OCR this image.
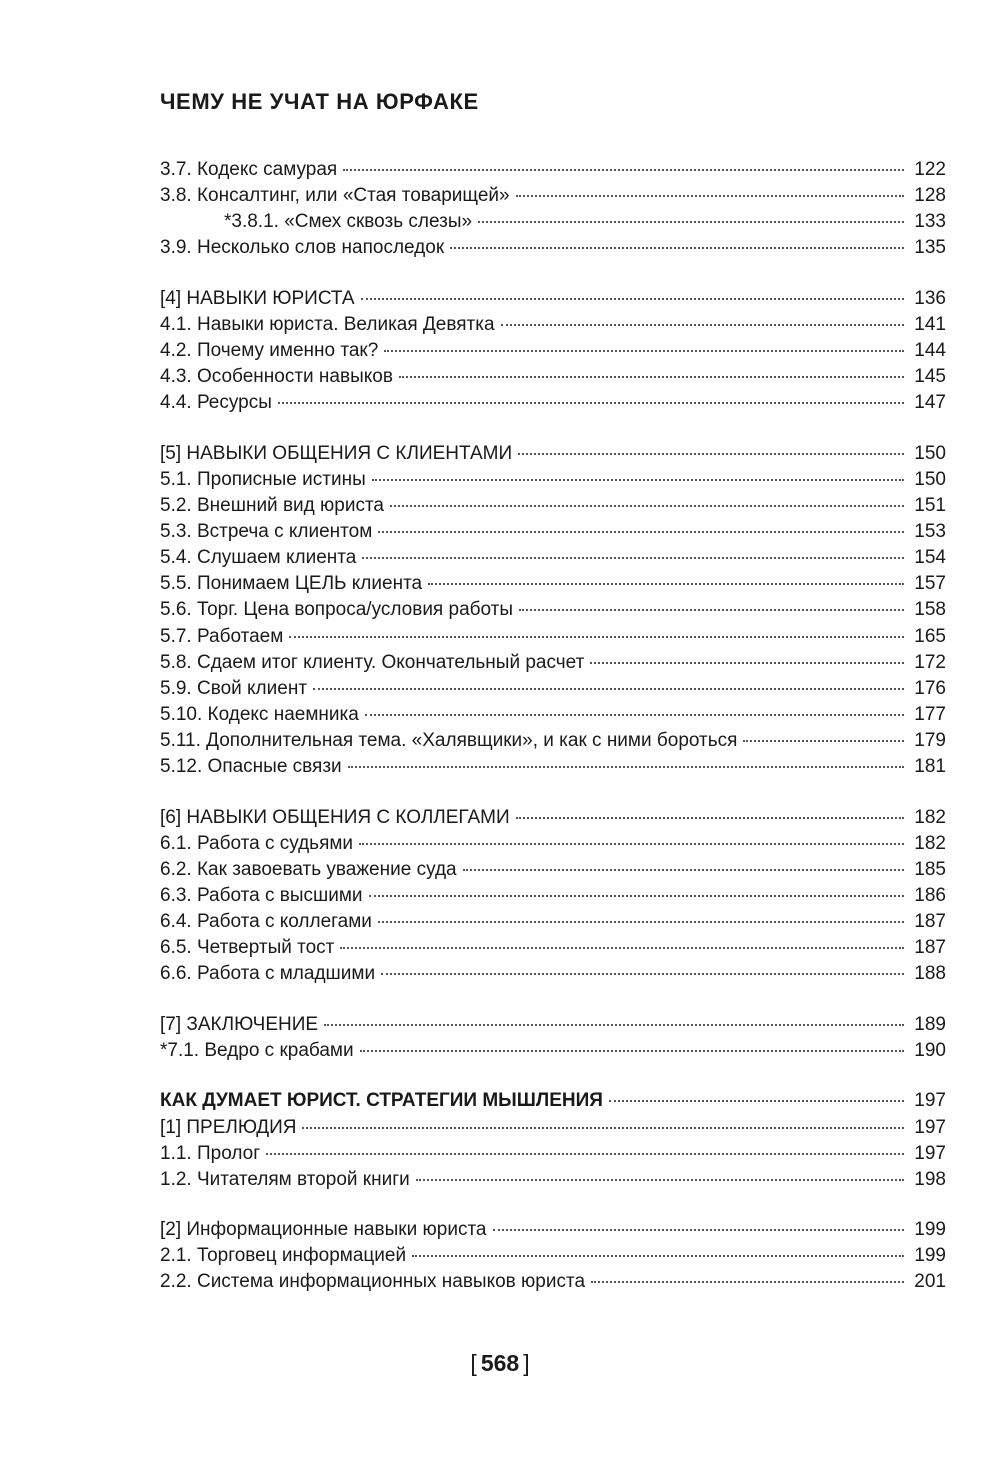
ЧЕМУ НЕ УЧАТ НА ЮРФАКЕ
3.7. Кодекс самурая	122
3.8. Консалтинг, или «Стая товарищей»	128
*3.8.1. «Смех сквозь слезы»	133
3.9. Несколько слов напоследок	135
[4] НАВЫКИ ЮРИСТА	136
4.1. Навыки юриста. Великая Девятка	141
4.2. Почему именно так?	144
4.3. Особенности навыков	145
4.4. Ресурсы	147
[5] НАВЫКИ ОБЩЕНИЯ С КЛИЕНТАМИ	150
5.1. Прописные истины	150
5.2. Внешний вид юриста	151
5.3. Встреча с клиентом	153
5.4. Слушаем клиента	154
5.5. Понимаем ЦЕЛЬ клиента	157
5.6. Торг. Цена вопроса/условия работы	158
5.7. Работаем	165
5.8. Сдаем итог клиенту. Окончательный расчет	172
5.9. Свой клиент	176
5.10. Кодекс наемника	177
5.11. Дополнительная тема. «Халявщики», и как с ними бороться	179
5.12. Опасные связи	181
[6] НАВЫКИ ОБЩЕНИЯ С КОЛЛЕГАМИ	182
6.1. Работа с судьями	182
6.2. Как завоевать уважение суда	185
6.3. Работа с высшими	186
6.4. Работа с коллегами	187
6.5. Четвертый тост	187
6.6. Работа с младшими	188
[7] ЗАКЛЮЧЕНИЕ	189
*7.1. Ведро с крабами	190
КАК ДУМАЕТ ЮРИСТ. СТРАТЕГИИ МЫШЛЕНИЯ	197
[1] ПРЕЛЮДИЯ	197
1.1. Пролог	197
1.2. Читателям второй книги	198
[2] Информационные навыки юриста	199
2.1. Торговец информацией	199
2.2. Система информационных навыков юриста	201
[ 568 ]
